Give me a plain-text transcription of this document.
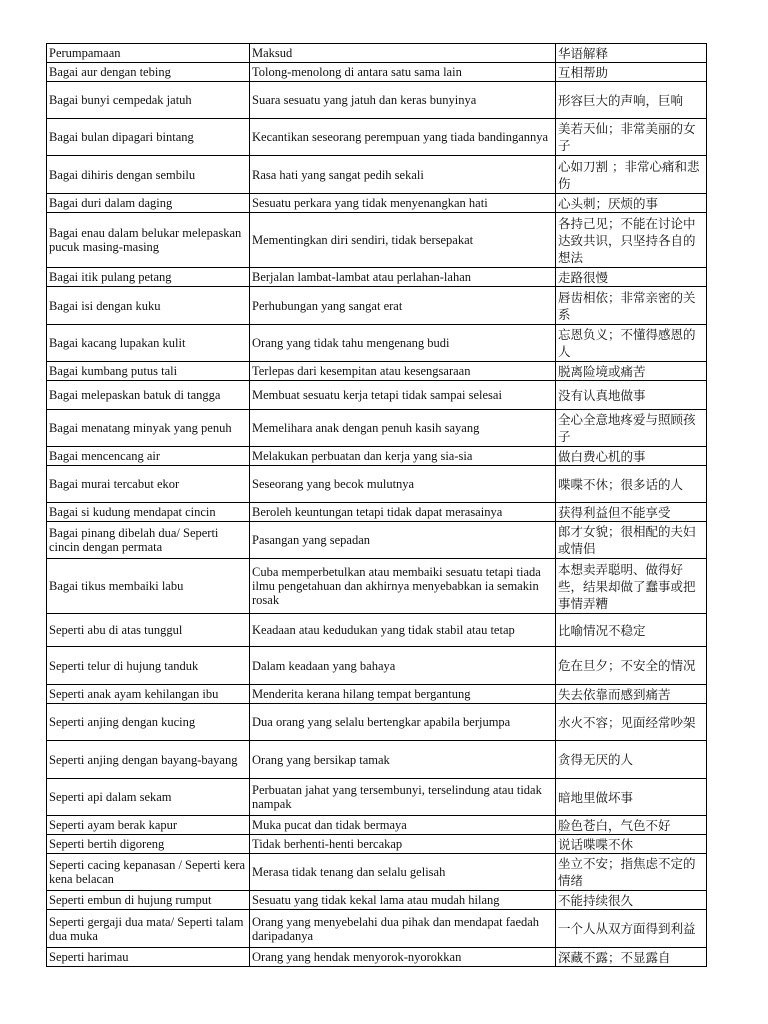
Perumpamaan	Maksud	华语解释
Bagai aur dengan tebing	Tolong-menolong di antara satu sama lain	互相帮助
Bagai bunyi cempedak jatuh	Suara sesuatu yang jatuh dan keras bunyinya	形容巨大的声响，巨响
Bagai bulan dipagari bintang	Kecantikan seseorang perempuan yang tiada bandingannya	美若天仙；非常美丽的女子
Bagai dihiris dengan sembilu	Rasa hati yang sangat pedih sekali	心如刀割 ；非常心痛和悲伤
Bagai duri dalam daging	Sesuatu perkara yang tidak menyenangkan hati	心头刺；厌烦的事
Bagai enau dalam belukar melepaskan pucuk masing-masing	Mementingkan diri sendiri, tidak bersepakat	各持己见；不能在讨论中达致共识，只坚持各自的想法
Bagai itik pulang petang	Berjalan lambat-lambat atau perlahan-lahan	走路很慢
Bagai isi dengan kuku	Perhubungan yang sangat erat	唇齿相依；非常亲密的关系
Bagai kacang lupakan kulit	Orang yang tidak tahu mengenang budi	忘恩负义；不懂得感恩的人
Bagai kumbang putus tali	Terlepas dari kesempitan atau kesengsaraan	脱离险境或痛苦
Bagai melepaskan batuk di tangga	Membuat sesuatu kerja tetapi tidak sampai selesai	没有认真地做事
Bagai menatang minyak yang penuh	Memelihara anak dengan penuh kasih sayang	全心全意地疼爱与照顾孩子
Bagai mencencang air	Melakukan perbuatan dan kerja yang sia-sia	做白费心机的事
Bagai murai tercabut ekor	Seseorang yang becok mulutnya	喋喋不休；很多话的人
Bagai si kudung mendapat cincin	Beroleh keuntungan tetapi tidak dapat merasainya	获得利益但不能享受
Bagai pinang dibelah dua/ Seperti cincin dengan permata	Pasangan yang sepadan	郎才女貌；很相配的夫妇或情侣
Bagai tikus membaiki labu	Cuba memperbetulkan atau membaiki sesuatu tetapi tiada ilmu pengetahuan dan akhirnya menyebabkan ia semakin rosak	本想卖弄聪明、做得好些，结果却做了蠢事或把事情弄糟
Seperti abu di atas tunggul	Keadaan atau kedudukan yang tidak stabil atau tetap	比喻情况不稳定
Seperti telur di hujung tanduk	Dalam keadaan yang bahaya	危在旦夕；不安全的情况
Seperti anak ayam kehilangan ibu	Menderita kerana hilang tempat bergantung	失去依靠而感到痛苦
Seperti anjing dengan kucing	Dua orang yang selalu bertengkar apabila berjumpa	水火不容；见面经常吵架
Seperti anjing dengan bayang-bayang	Orang yang bersikap tamak	贪得无厌的人
Seperti api dalam sekam	Perbuatan jahat yang tersembunyi, terselindung atau tidak nampak	暗地里做坏事
Seperti ayam berak kapur	Muka pucat dan tidak bermaya	脸色苍白，气色不好
Seperti bertih digoreng	Tidak berhenti-henti bercakap	说话喋喋不休
Seperti cacing kepanasan / Seperti kera kena belacan	Merasa tidak tenang dan selalu gelisah	坐立不安；指焦虑不定的情绪
Seperti embun di hujung rumput	Sesuatu yang tidak kekal lama atau mudah hilang	不能持续很久
Seperti gergaji dua mata/ Seperti talam dua muka	Orang yang menyebelahi dua pihak dan mendapat faedah daripadanya	一个人从双方面得到利益
Seperti harimau	Orang yang hendak menyorok-nyorokkan	深藏不露；不显露自
